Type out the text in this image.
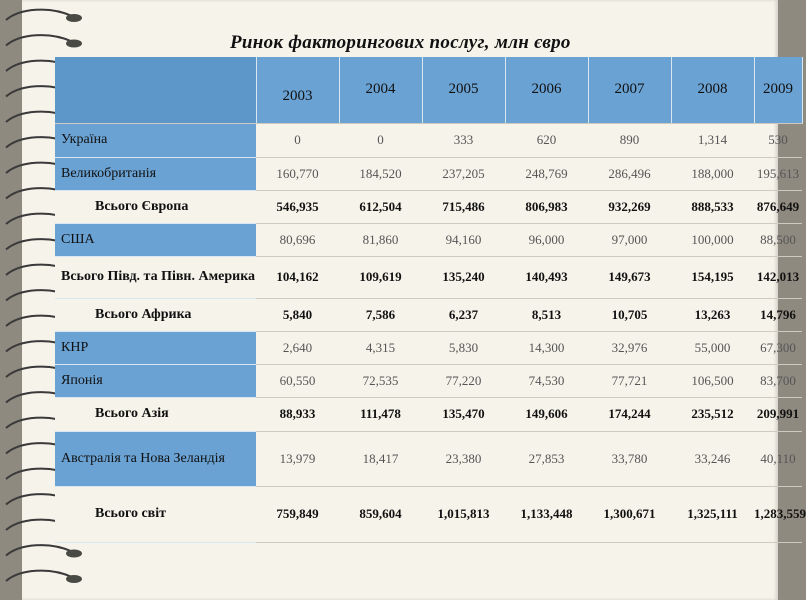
Ринок факторингових послуг, млн євро
	2003	2004	2005	2006	2007	2008	2009
Україна	0	0	333	620	890	1,314	530
Великобританія	160,770	184,520	237,205	248,769	286,496	188,000	195,613
Всього Європа	546,935	612,504	715,486	806,983	932,269	888,533	876,649
США	80,696	81,860	94,160	96,000	97,000	100,000	88,500
Всього Півд. та Півн. Америка	104,162	109,619	135,240	140,493	149,673	154,195	142,013
Всього Африка	5,840	7,586	6,237	8,513	10,705	13,263	14,796
КНР	2,640	4,315	5,830	14,300	32,976	55,000	67,300
Японія	60,550	72,535	77,220	74,530	77,721	106,500	83,700
Всього Азія	88,933	111,478	135,470	149,606	174,244	235,512	209,991
Австралія та Нова Зеландія	13,979	18,417	23,380	27,853	33,780	33,246	40,110
Всього світ	759,849	859,604	1,015,813	1,133,448	1,300,671	1,325,111	1,283,559
